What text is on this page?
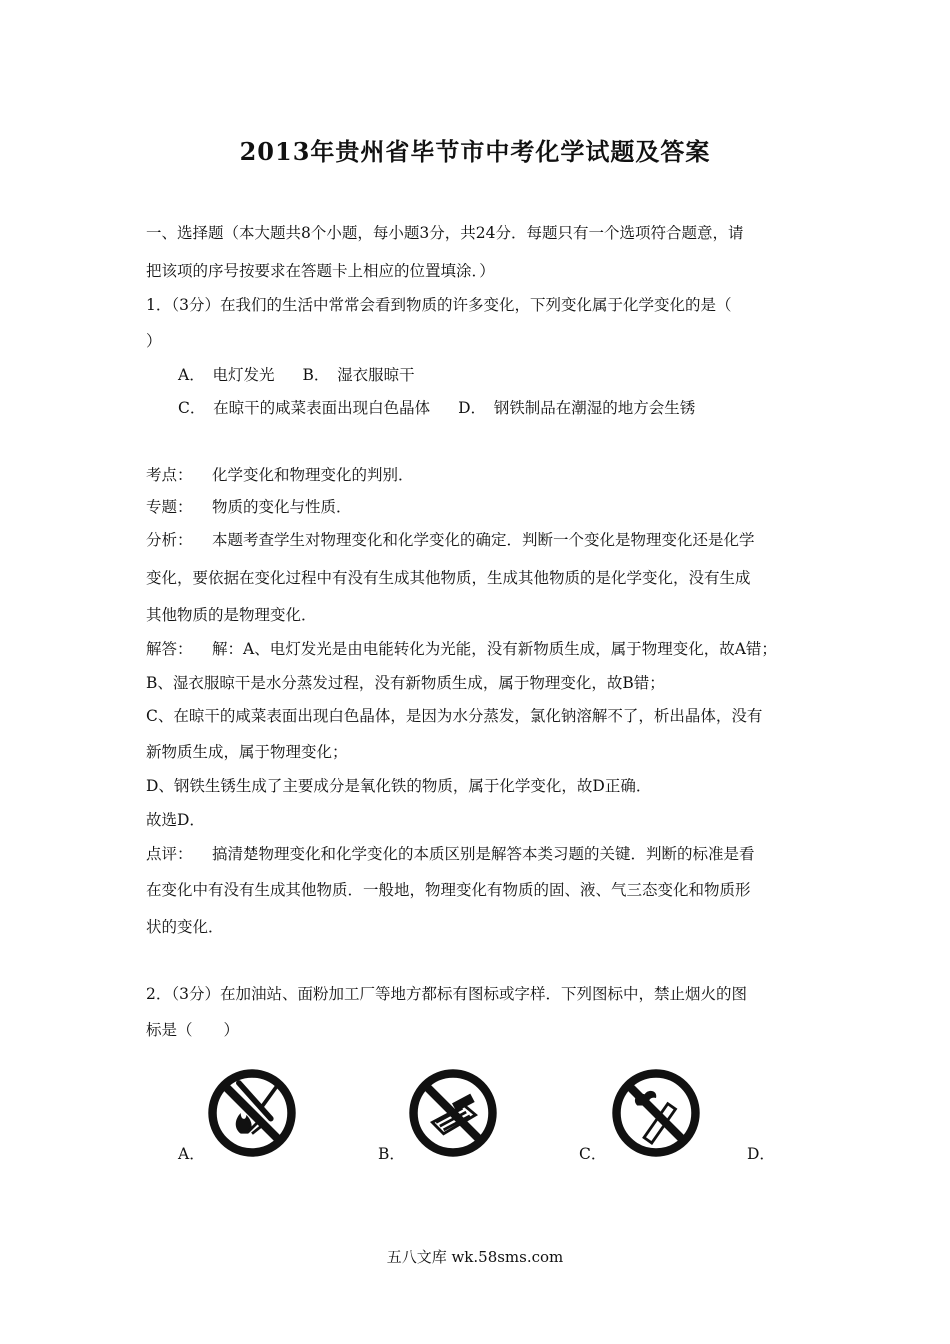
2013年贵州省毕节市中考化学试题及答案
一、选择题（本大题共8个小题，每小题3分，共24分．每题只有一个选项符合题意，请
把该项的序号按要求在答题卡上相应的位置填涂．）
1．（3分）在我们的生活中常常会看到物质的许多变化，下列变化属于化学变化的是（
）
A．　电灯发光 B．　湿衣服晾干
C．　在晾干的咸菜表面出现白色晶体 D．　钢铁制品在潮湿的地方会生锈
考点： 化学变化和物理变化的判别．
专题： 物质的变化与性质．
分析： 本题考查学生对物理变化和化学变化的确定．判断一个变化是物理变化还是化学
变化，要依据在变化过程中有没有生成其他物质，生成其他物质的是化学变化，没有生成
其他物质的是物理变化．
解答： 解：A、电灯发光是由电能转化为光能，没有新物质生成，属于物理变化，故A错；
B、湿衣服晾干是水分蒸发过程，没有新物质生成，属于物理变化，故B错；
C、在晾干的咸菜表面出现白色晶体，是因为水分蒸发，氯化钠溶解不了，析出晶体，没有
新物质生成，属于物理变化；
D、钢铁生锈生成了主要成分是氧化铁的物质，属于化学变化，故D正确．
故选D．
点评： 搞清楚物理变化和化学变化的本质区别是解答本类习题的关键．判断的标准是看
在变化中有没有生成其他物质．一般地，物理变化有物质的固、液、气三态变化和物质形
状的变化．
2．（3分）在加油站、面粉加工厂等地方都标有图标或字样．下列图标中，禁止烟火的图
标是（　　）
A．	B．	C．	D．
五八文库 wk.58sms.com
